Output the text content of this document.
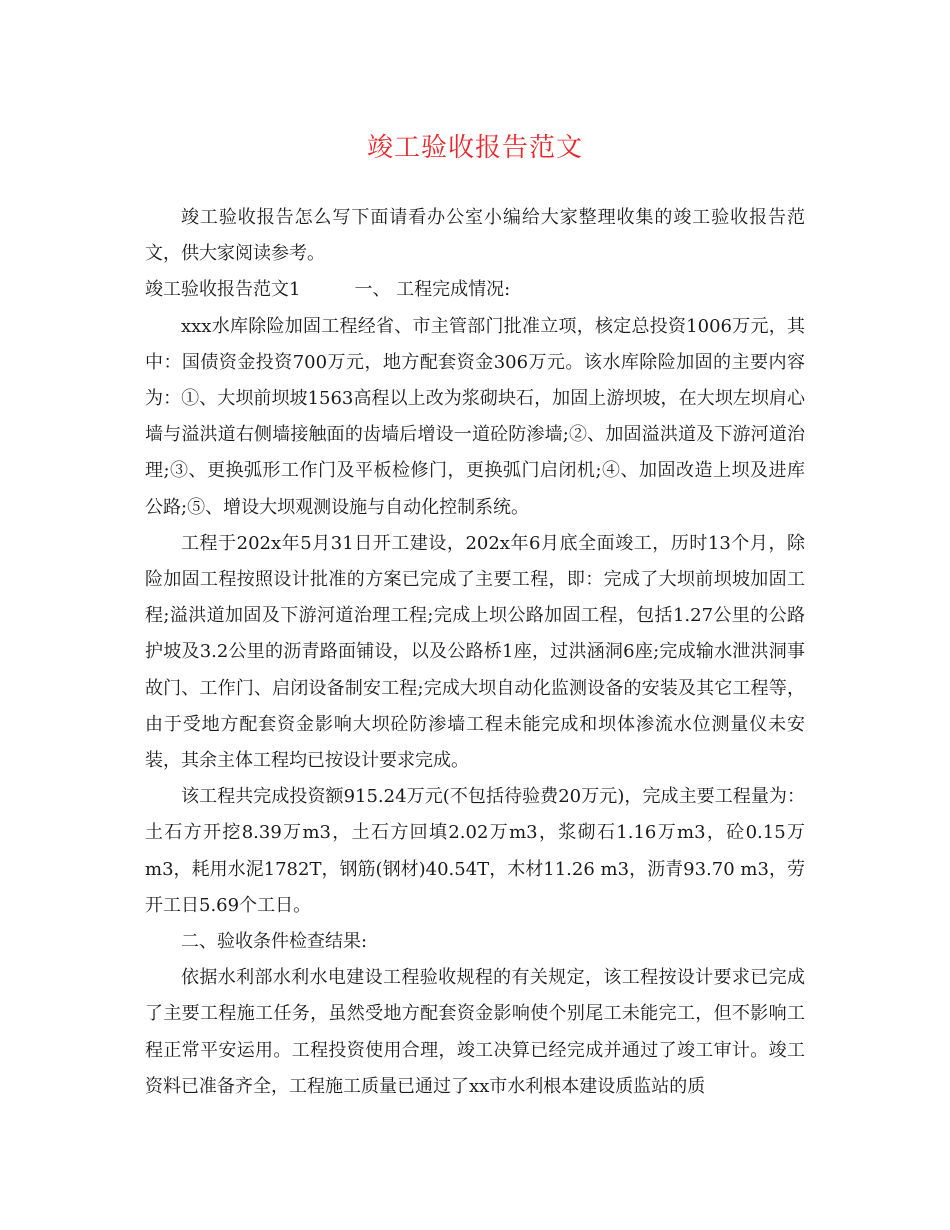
竣工验收报告范文

竣工验收报告怎么写下面请看办公室小编给大家整理收集的竣工验收报告范文，供大家阅读参考。

竣工验收报告范文1	一、 工程完成情况:

xxx水库除险加固工程经省、市主管部门批准立项，核定总投资1006万元，其中：国债资金投资700万元，地方配套资金306万元。该水库除险加固的主要内容为：①、大坝前坝坡1563高程以上改为浆砌块石，加固上游坝坡，在大坝左坝肩心墙与溢洪道右侧墙接触面的齿墙后增设一道砼防渗墙;②、加固溢洪道及下游河道治理;③、更换弧形工作门及平板检修门，更换弧门启闭机;④、加固改造上坝及进库公路;⑤、增设大坝观测设施与自动化控制系统。

工程于202x年5月31日开工建设，202x年6月底全面竣工，历时13个月，除险加固工程按照设计批准的方案已完成了主要工程，即：完成了大坝前坝坡加固工程;溢洪道加固及下游河道治理工程;完成上坝公路加固工程，包括1.27公里的公路护坡及3.2公里的沥青路面铺设，以及公路桥1座，过洪涵洞6座;完成输水泄洪洞事故门、工作门、启闭设备制安工程;完成大坝自动化监测设备的安装及其它工程等，由于受地方配套资金影响大坝砼防渗墙工程未能完成和坝体渗流水位测量仪未安装，其余主体工程均已按设计要求完成。

该工程共完成投资额915.24万元(不包括待验费20万元)，完成主要工程量为：土石方开挖8.39万m3，土石方回填2.02万m3，浆砌石1.16万m3，砼0.15万m3，耗用水泥1782T，钢筋(钢材)40.54T，木材11.26 m3，沥青93.70 m3，劳开工日5.69个工日。

二、验收条件检查结果:

依据水利部水利水电建设工程验收规程的有关规定，该工程按设计要求已完成了主要工程施工任务，虽然受地方配套资金影响使个别尾工未能完工，但不影响工程正常平安运用。工程投资使用合理，竣工决算已经完成并通过了竣工审计。竣工资料已准备齐全，工程施工质量已通过了xx市水利根本建设质监站的质
